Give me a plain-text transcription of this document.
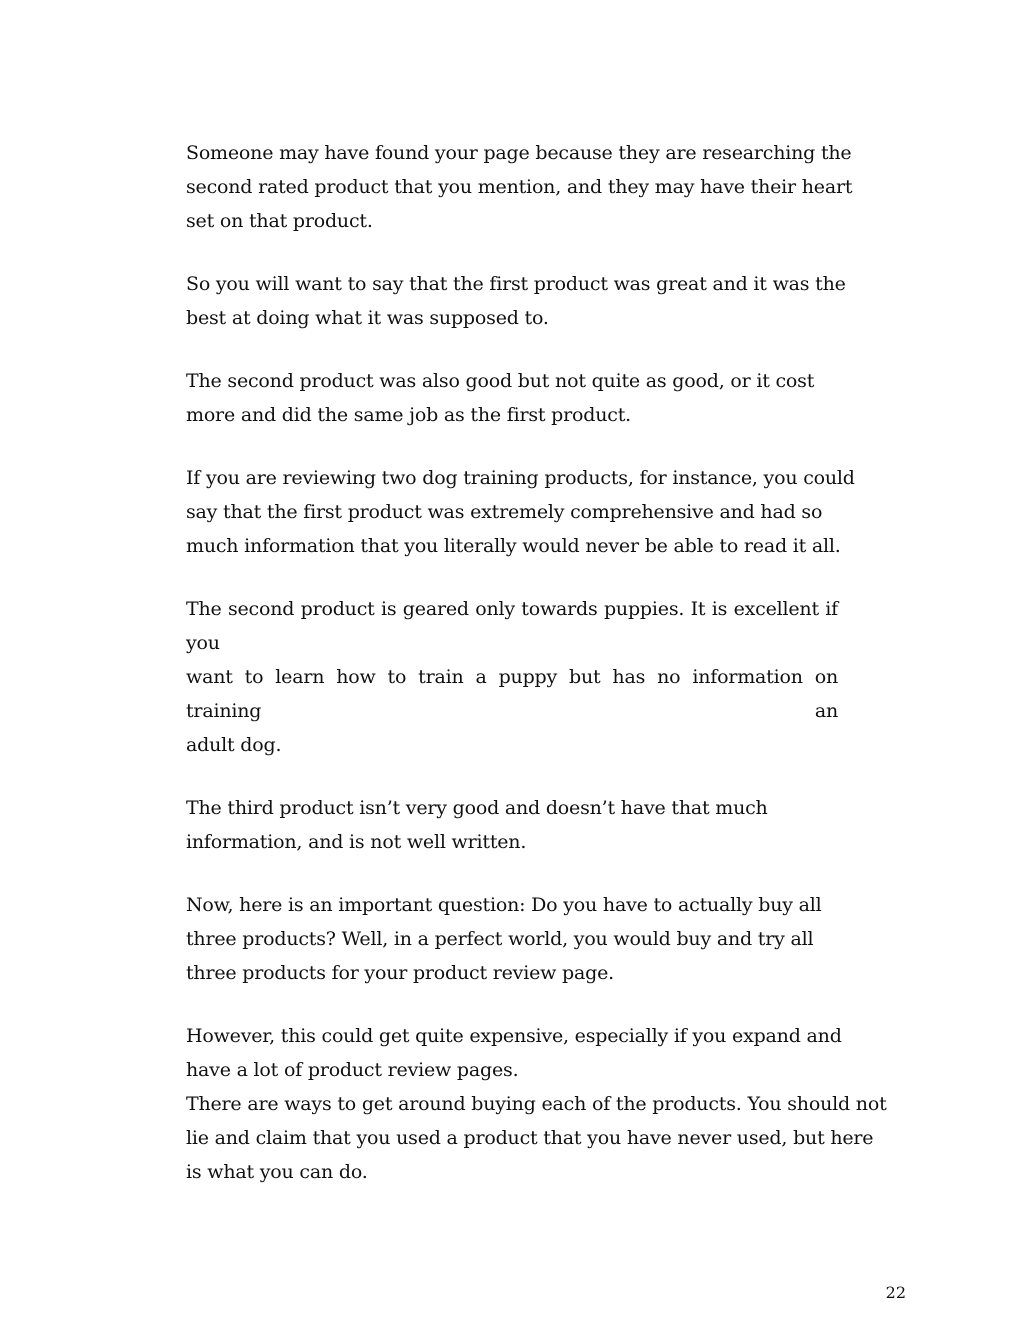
Someone may have found your page because they are researching the
second rated product that you mention, and they may have their heart
set on that product.

So you will want to say that the first product was great and it was the
best at doing what it was supposed to.

The second product was also good but not quite as good, or it cost
more and did the same job as the first product.

If you are reviewing two dog training products, for instance, you could
say that the first product was extremely comprehensive and had so
much information that you literally would never be able to read it all.

The second product is geared only towards puppies. It is excellent if you
want to learn how to train a puppy but has no information on training an
adult dog.

The third product isn’t very good and doesn’t have that much
information, and is not well written.

Now, here is an important question: Do you have to actually buy all
three products? Well, in a perfect world, you would buy and try all
three products for your product review page.

However, this could get quite expensive, especially if you expand and
have a lot of product review pages.

There are ways to get around buying each of the products. You should not
lie and claim that you used a product that you have never used, but here
is what you can do.

22
